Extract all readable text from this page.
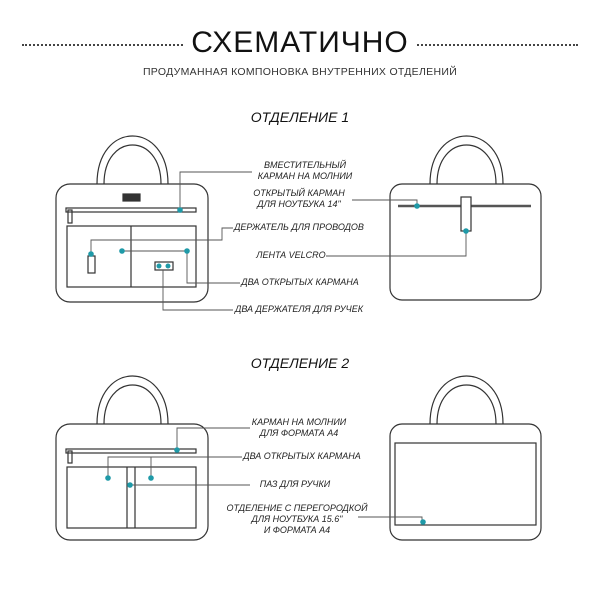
СХЕМАТИЧНО
ПРОДУМАННАЯ КОМПОНОВКА ВНУТРЕННИХ ОТДЕЛЕНИЙ
ОТДЕЛЕНИЕ 1
ОТДЕЛЕНИЕ 2
ВМЕСТИТЕЛЬНЫЙ
КАРМАН НА МОЛНИИ
ОТКРЫТЫЙ КАРМАН
ДЛЯ НОУТБУКА 14"
ДЕРЖАТЕЛЬ ДЛЯ ПРОВОДОВ
ЛЕНТА VELCRO
ДВА ОТКРЫТЫХ КАРМАНА
ДВА ДЕРЖАТЕЛЯ ДЛЯ РУЧЕК
КАРМАН НА МОЛНИИ
ДЛЯ ФОРМАТА А4
ДВА ОТКРЫТЫХ КАРМАНА
ПАЗ ДЛЯ РУЧКИ
ОТДЕЛЕНИЕ С ПЕРЕГОРОДКОЙ
ДЛЯ НОУТБУКА 15.6"
И ФОРМАТА А4
